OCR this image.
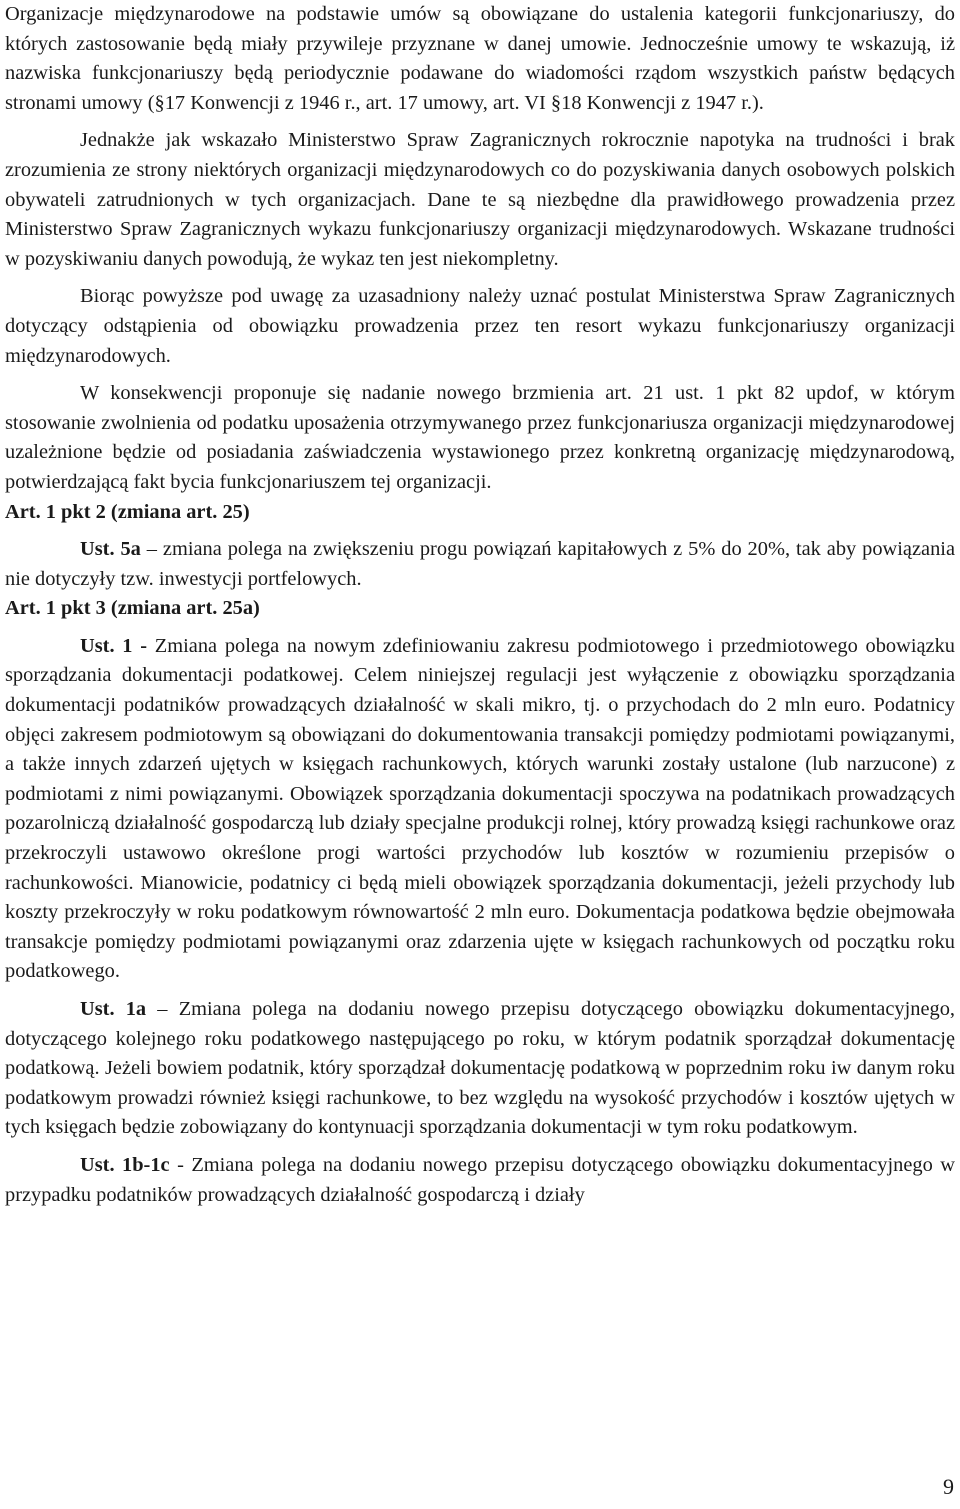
Organizacje międzynarodowe na podstawie umów są obowiązane do ustalenia kategorii funkcjonariuszy, do których zastosowanie będą miały przywileje przyznane w danej umowie. Jednocześnie umowy te wskazują, iż nazwiska funkcjonariuszy będą periodycznie podawane do wiadomości rządom wszystkich państw będących stronami umowy (§17 Konwencji z 1946 r., art. 17 umowy, art. VI §18 Konwencji z 1947 r.).

Jednakże jak wskazało Ministerstwo Spraw Zagranicznych rokrocznie napotyka na trudności i brak zrozumienia ze strony niektórych organizacji międzynarodowych co do pozyskiwania danych osobowych polskich obywateli zatrudnionych w tych organizacjach. Dane te są niezbędne dla prawidłowego prowadzenia przez Ministerstwo Spraw Zagranicznych wykazu funkcjonariuszy organizacji międzynarodowych. Wskazane trudności w pozyskiwaniu danych powodują, że wykaz ten jest niekompletny.

Biorąc powyższe pod uwagę za uzasadniony należy uznać postulat Ministerstwa Spraw Zagranicznych dotyczący odstąpienia od obowiązku prowadzenia przez ten resort wykazu funkcjonariuszy organizacji międzynarodowych.

W konsekwencji proponuje się nadanie nowego brzmienia art. 21 ust. 1 pkt 82 updof, w którym stosowanie zwolnienia od podatku uposażenia otrzymywanego przez funkcjonariusza organizacji międzynarodowej uzależnione będzie od posiadania zaświadczenia wystawionego przez konkretną organizację międzynarodową, potwierdzającą fakt bycia funkcjonariuszem tej organizacji.

Art. 1 pkt 2 (zmiana art. 25)

Ust. 5a – zmiana polega na zwiększeniu progu powiązań kapitałowych z 5% do 20%, tak aby powiązania nie dotyczyły tzw. inwestycji portfelowych.

Art. 1 pkt 3 (zmiana art. 25a)

Ust. 1 - Zmiana polega na nowym zdefiniowaniu zakresu podmiotowego i przedmiotowego obowiązku sporządzania dokumentacji podatkowej. Celem niniejszej regulacji jest wyłączenie z obowiązku sporządzania dokumentacji podatników prowadzących działalność w skali mikro, tj. o przychodach do 2 mln euro. Podatnicy objęci zakresem podmiotowym są obowiązani do dokumentowania transakcji pomiędzy podmiotami powiązanymi, a także innych zdarzeń ujętych w księgach rachunkowych, których warunki zostały ustalone (lub narzucone) z podmiotami z nimi powiązanymi. Obowiązek sporządzania dokumentacji spoczywa na podatnikach prowadzących pozarolniczą działalność gospodarczą lub działy specjalne produkcji rolnej, który prowadzą księgi rachunkowe oraz przekroczyli ustawowo określone progi wartości przychodów lub kosztów w rozumieniu przepisów o rachunkowości. Mianowicie, podatnicy ci będą mieli obowiązek sporządzania dokumentacji, jeżeli przychody lub koszty przekroczyły w roku podatkowym równowartość 2 mln euro. Dokumentacja podatkowa będzie obejmowała transakcje pomiędzy podmiotami powiązanymi oraz zdarzenia ujęte w księgach rachunkowych od początku roku podatkowego.

Ust. 1a – Zmiana polega na dodaniu nowego przepisu dotyczącego obowiązku dokumentacyjnego, dotyczącego kolejnego roku podatkowego następującego po roku, w którym podatnik sporządzał dokumentację podatkową. Jeżeli bowiem podatnik, który sporządzał dokumentację podatkową w poprzednim roku iw danym roku podatkowym prowadzi również księgi rachunkowe, to bez względu na wysokość przychodów i kosztów ujętych w tych księgach będzie zobowiązany do kontynuacji sporządzania dokumentacji w tym roku podatkowym.

Ust. 1b-1c - Zmiana polega na dodaniu nowego przepisu dotyczącego obowiązku dokumentacyjnego w przypadku podatników prowadzących działalność gospodarczą i działy

9
